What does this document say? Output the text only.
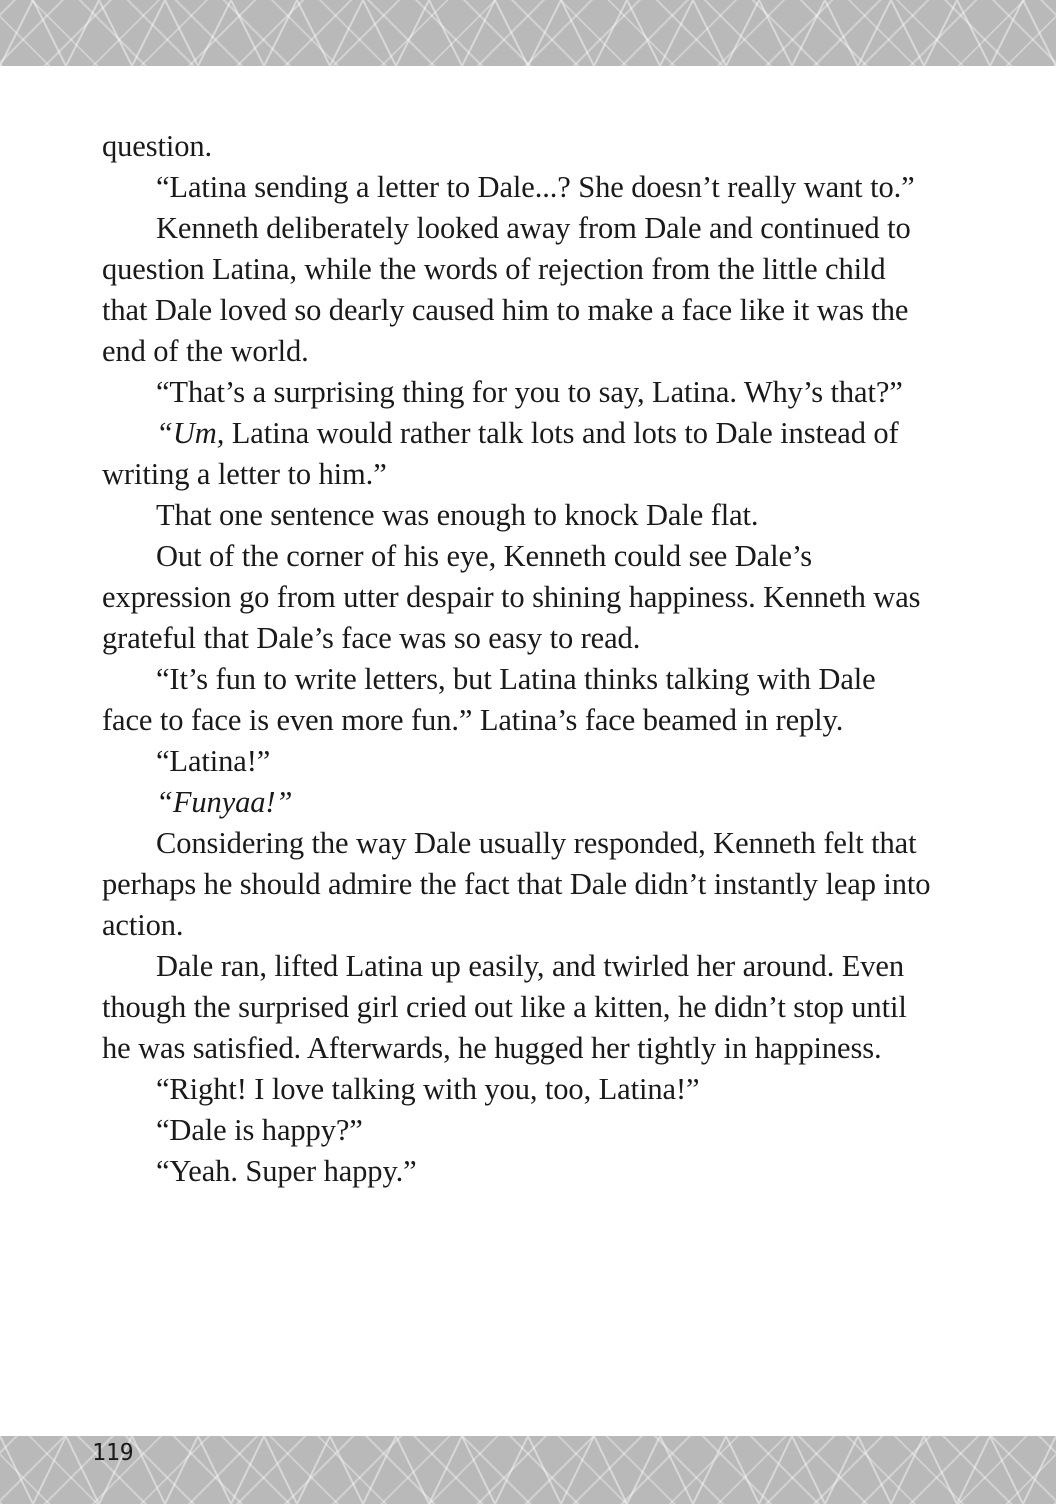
question.

“Latina sending a letter to Dale...? She doesn’t really want to.”

Kenneth deliberately looked away from Dale and continued to question Latina, while the words of rejection from the little child that Dale loved so dearly caused him to make a face like it was the end of the world.

“That’s a surprising thing for you to say, Latina. Why’s that?”

“Um, Latina would rather talk lots and lots to Dale instead of writing a letter to him.”

That one sentence was enough to knock Dale flat.

Out of the corner of his eye, Kenneth could see Dale’s expression go from utter despair to shining happiness. Kenneth was grateful that Dale’s face was so easy to read.

“It’s fun to write letters, but Latina thinks talking with Dale face to face is even more fun.” Latina’s face beamed in reply.

“Latina!”

“Funyaa!”

Considering the way Dale usually responded, Kenneth felt that perhaps he should admire the fact that Dale didn’t instantly leap into action.

Dale ran, lifted Latina up easily, and twirled her around. Even though the surprised girl cried out like a kitten, he didn’t stop until he was satisfied. Afterwards, he hugged her tightly in happiness.

“Right! I love talking with you, too, Latina!”

“Dale is happy?”

“Yeah. Super happy.”

119
